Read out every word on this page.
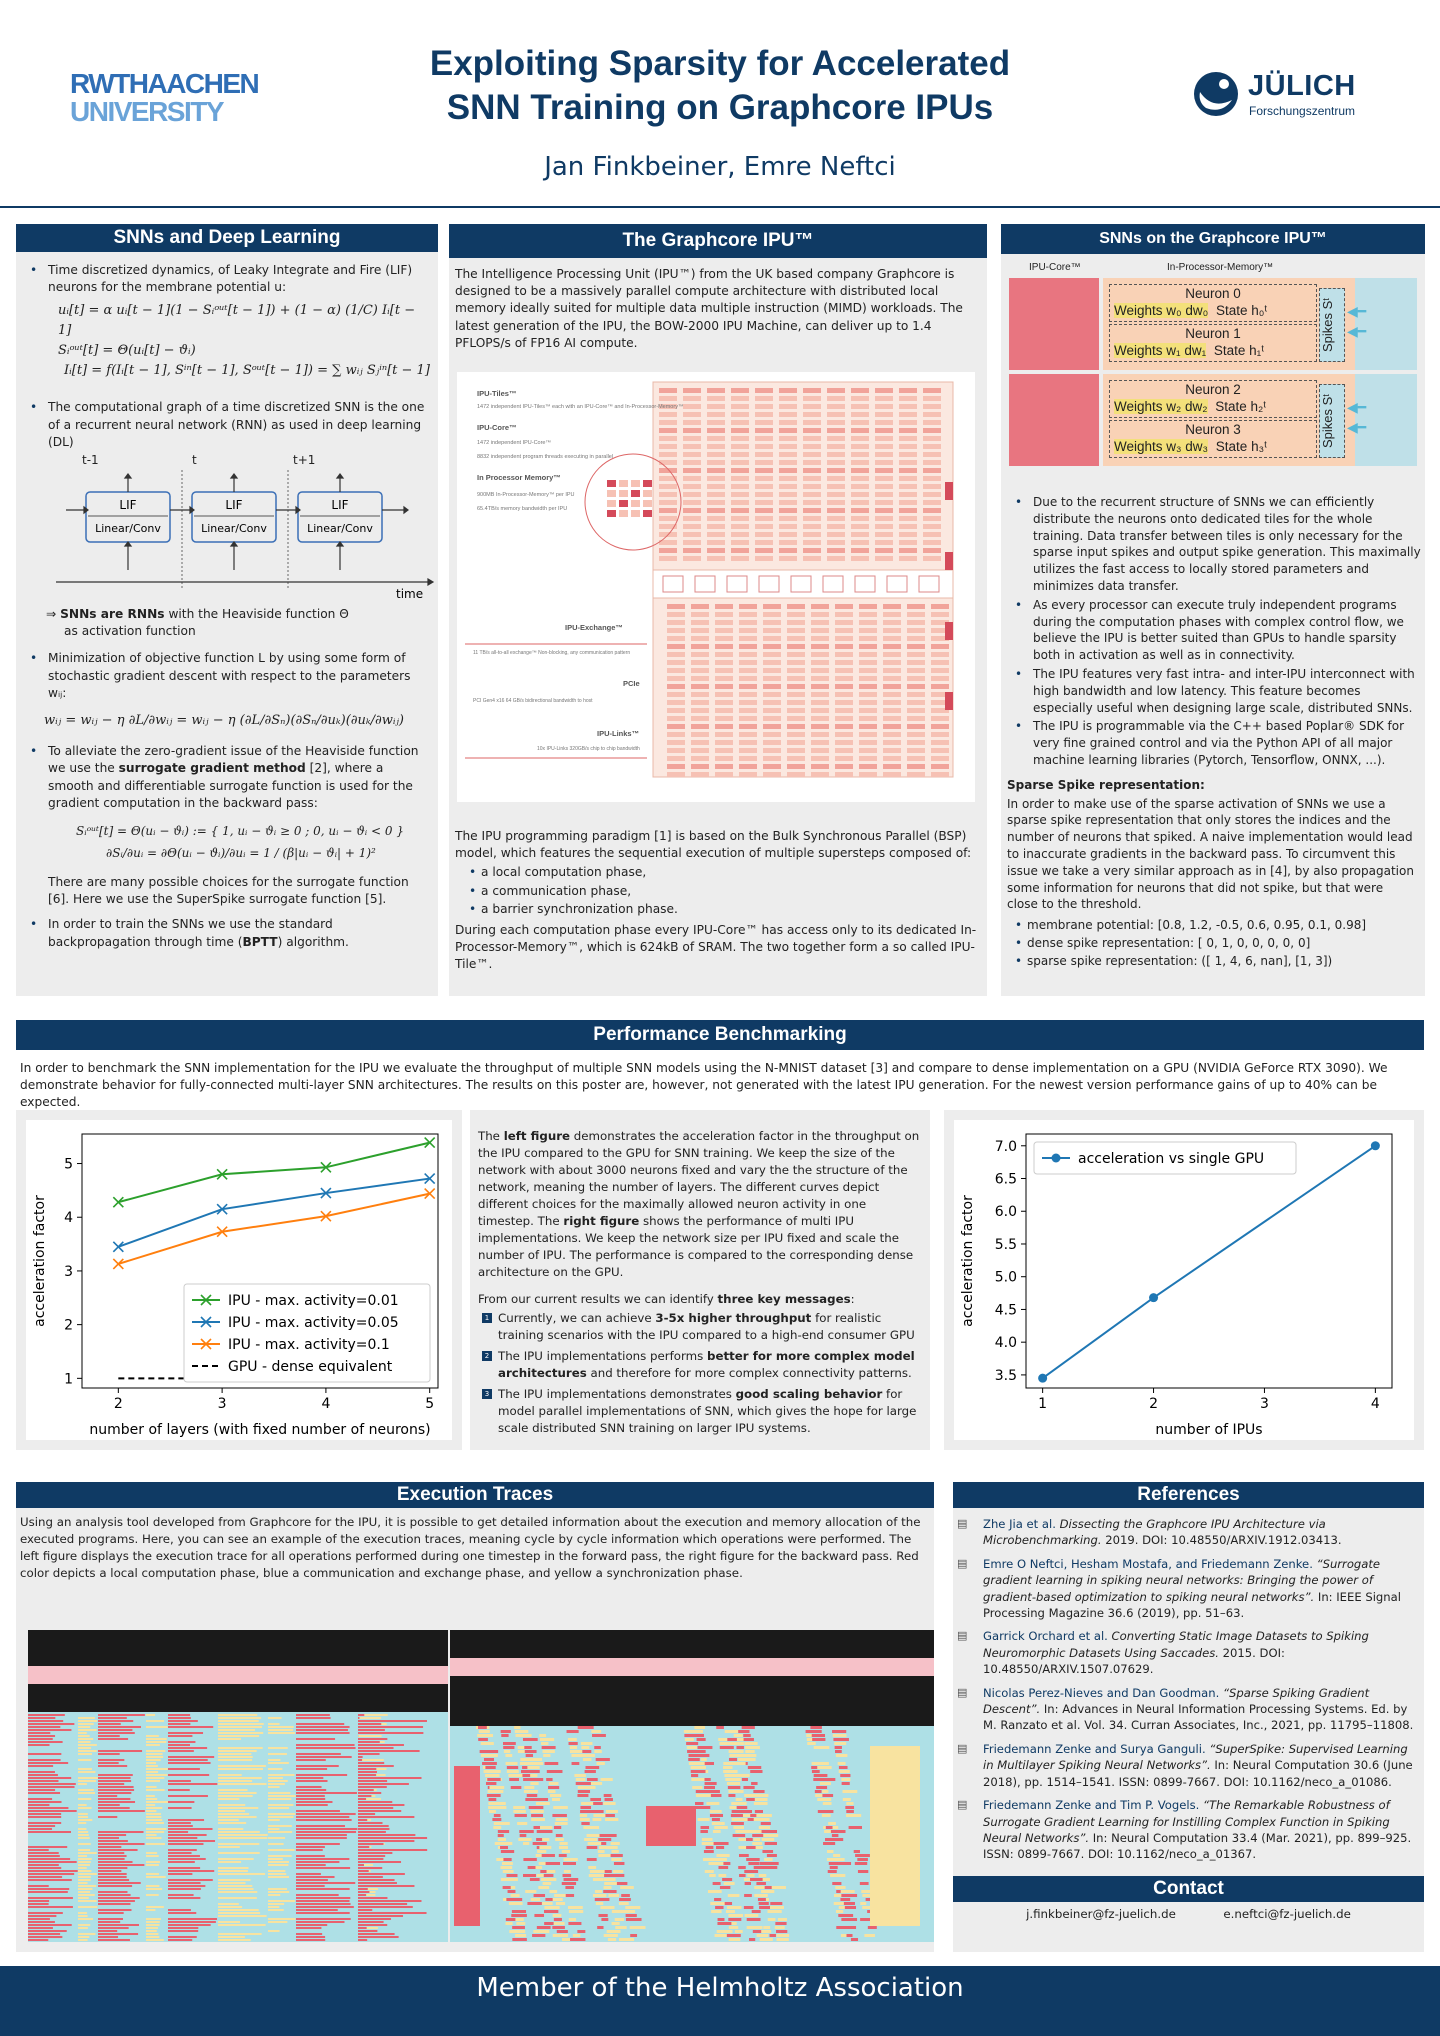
RWTHAACHEN
UNIVERSITY
Exploiting Sparsity for Accelerated
SNN Training on Graphcore IPUs
Jan Finkbeiner, Emre Neftci
JÜLICH
Forschungszentrum
SNNs and Deep Learning
• Time discretized dynamics, of Leaky Integrate and Fire (LIF) neurons for the membrane potential u:
uᵢ[t] = α uᵢ[t − 1](1 − Sᵢᵒᵘᵗ[t − 1]) + (1 − α) (1/C) Iᵢ[t − 1]
Sᵢᵒᵘᵗ[t] = Θ(uᵢ[t] − ϑᵢ)
Iᵢ[t] = f(Iᵢ[t − 1], Sⁱⁿ[t − 1], Sᵒᵘᵗ[t − 1]) = ∑ wᵢⱼ Sⱼⁱⁿ[t − 1]
• The computational graph of a time discretized SNN is the one of a recurrent neural network (RNN) as used in deep learning (DL)
t-1	t	t+1
LIF
Linear/Conv
LIF
Linear/Conv
LIF
Linear/Conv
time
⇒ SNNs are RNNs with the Heaviside function Θ
as activation function
• Minimization of objective function L by using some form of stochastic gradient descent with respect to the parameters wᵢⱼ:
wᵢⱼ = wᵢⱼ − η ∂L/∂wᵢⱼ = wᵢⱼ − η (∂L/∂Sₙ)(∂Sₙ/∂uₖ)(∂uₖ/∂wᵢⱼ)
• To alleviate the zero-gradient issue of the Heaviside function we use the surrogate gradient method [2], where a smooth and differentiable surrogate function is used for the gradient computation in the backward pass:
Sᵢᵒᵘᵗ[t] = Θ(uᵢ − ϑᵢ) := { 1, uᵢ − ϑᵢ ≥ 0 ; 0, uᵢ − ϑᵢ < 0 }
∂Sᵢ/∂uᵢ = ∂Θ(uᵢ − ϑᵢ)/∂uᵢ = 1 / (β|uᵢ − ϑᵢ| + 1)²
There are many possible choices for the surrogate function [6]. Here we use the SuperSpike surrogate function [5].
• In order to train the SNNs we use the standard backpropagation through time (BPTT) algorithm.
The Graphcore IPU™
The Intelligence Processing Unit (IPU™) from the UK based company Graphcore is designed to be a massively parallel compute architecture with distributed local memory ideally suited for multiple data multiple instruction (MIMD) workloads. The latest generation of the IPU, the BOW-2000 IPU Machine, can deliver up to 1.4 PFLOPS/s of FP16 AI compute.
IPU-Tiles™
1472 independent IPU-Tiles™ each with an IPU-Core™ and In-Processor-Memory™
IPU-Core™
1472 independent IPU-Core™
8832 independent program threads executing in parallel
In Processor Memory™
900MB In-Processor-Memory™ per IPU
65.4TB/s memory bandwidth per IPU
IPU-Exchange™
11 TB/s all-to-all exchange™ Non-blocking, any communication pattern
PCIe
PCI Gen4 x16 64 GB/s bidirectional bandwidth to host
IPU-Links™
10x IPU-Links 320GB/s chip to chip bandwidth
The IPU programming paradigm [1] is based on the Bulk Synchronous Parallel (BSP) model, which features the sequential execution of multiple supersteps composed of:
• a local computation phase,
• a communication phase,
• a barrier synchronization phase.
During each computation phase every IPU-Core™ has access only to its dedicated In-Processor-Memory™, which is 624kB of SRAM. The two together form a so called IPU-Tile™.
SNNs on the Graphcore IPU™
IPU-Core™	In-Processor-Memory™
Neuron 0
Weights w₀ dw₀ State h₀ᵗ
Neuron 1
Weights w₁ dw₁ State h₁ᵗ	Spikes Sᵗ ◀━
◀━
Neuron 2
Weights w₂ dw₂ State h₂ᵗ
Neuron 3
Weights w₃ dw₃ State h₃ᵗ	Spikes Sᵗ ◀━
◀━
• Due to the recurrent structure of SNNs we can efficiently distribute the neurons onto dedicated tiles for the whole training. Data transfer between tiles is only necessary for the sparse input spikes and output spike generation. This maximally utilizes the fast access to locally stored parameters and minimizes data transfer.
• As every processor can execute truly independent programs during the computation phases with complex control flow, we believe the IPU is better suited than GPUs to handle sparsity both in activation as well as in connectivity.
• The IPU features very fast intra- and inter-IPU interconnect with high bandwidth and low latency. This feature becomes especially useful when designing large scale, distributed SNNs.
• The IPU is programmable via the C++ based Poplar® SDK for very fine grained control and via the Python API of all major machine learning libraries (Pytorch, Tensorflow, ONNX, ...).
Sparse Spike representation:
In order to make use of the sparse activation of SNNs we use a sparse spike representation that only stores the indices and the number of neurons that spiked. A naive implementation would lead to inaccurate gradients in the backward pass. To circumvent this issue we take a very similar approach as in [4], by also propagation some information for neurons that did not spike, but that were close to the threshold.
• membrane potential: [0.8, 1.2, -0.5, 0.6, 0.95, 0.1, 0.98]
• dense spike representation: [ 0, 1, 0, 0, 0, 0, 0]
• sparse spike representation: ([ 1, 4, 6, nan], [1, 3])
Performance Benchmarking
In order to benchmark the SNN implementation for the IPU we evaluate the throughput of multiple SNN models using the N-MNIST dataset [3] and compare to dense implementation on a GPU (NVIDIA GeForce RTX 3090). We demonstrate behavior for fully-connected multi-layer SNN architectures. The results on this poster are, however, not generated with the latest IPU generation. For the newest version performance gains of up to 40% can be expected.
2	3	4	5
1
2
3
4
5
number of layers (with fixed number of neurons)
acceleration factor	IPU - max. activity=0.01
IPU - max. activity=0.05
IPU - max. activity=0.1
GPU - dense equivalent
The left figure demonstrates the acceleration factor in the throughput on the IPU compared to the GPU for SNN training. We keep the size of the network with about 3000 neurons fixed and vary the the structure of the network, meaning the number of layers. The different curves depict different choices for the maximally allowed neuron activity in one timestep. The right figure shows the performance of multi IPU implementations. We keep the network size per IPU fixed and scale the number of IPU. The performance is compared to the corresponding dense architecture on the GPU.
From our current results we can identify three key messages:
1 Currently, we can achieve 3-5x higher throughput for realistic training scenarios with the IPU compared to a high-end consumer GPU
2 The IPU implementations performs better for more complex model architectures and therefore for more complex connectivity patterns.
3 The IPU implementations demonstrates good scaling behavior for model parallel implementations of SNN, which gives the hope for large scale distributed SNN training on larger IPU systems.
1	2	3	4
3.5
4.0
4.5
5.0
5.5
6.0
6.5
7.0
number of IPUs
acceleration factor
acceleration vs single GPU
Execution Traces
Using an analysis tool developed from Graphcore for the IPU, it is possible to get detailed information about the execution and memory allocation of the executed programs. Here, you can see an example of the execution traces, meaning cycle by cycle information which operations were performed. The left figure displays the execution trace for all operations performed during one timestep in the forward pass, the right figure for the backward pass. Red color depicts a local computation phase, blue a communication and exchange phase, and yellow a synchronization phase.
References
▤ Zhe Jia et al. Dissecting the Graphcore IPU Architecture via Microbenchmarking. 2019. DOI: 10.48550/ARXIV.1912.03413.
▤ Emre O Neftci, Hesham Mostafa, and Friedemann Zenke. “Surrogate gradient learning in spiking neural networks: Bringing the power of gradient-based optimization to spiking neural networks”. In: IEEE Signal Processing Magazine 36.6 (2019), pp. 51–63.
▤ Garrick Orchard et al. Converting Static Image Datasets to Spiking Neuromorphic Datasets Using Saccades. 2015. DOI: 10.48550/ARXIV.1507.07629.
▤ Nicolas Perez-Nieves and Dan Goodman. “Sparse Spiking Gradient Descent”. In: Advances in Neural Information Processing Systems. Ed. by M. Ranzato et al. Vol. 34. Curran Associates, Inc., 2021, pp. 11795–11808.
▤ Friedemann Zenke and Surya Ganguli. “SuperSpike: Supervised Learning in Multilayer Spiking Neural Networks”. In: Neural Computation 30.6 (June 2018), pp. 1514–1541. ISSN: 0899-7667. DOI: 10.1162/neco_a_01086.
▤ Friedemann Zenke and Tim P. Vogels. “The Remarkable Robustness of Surrogate Gradient Learning for Instilling Complex Function in Spiking Neural Networks”. In: Neural Computation 33.4 (Mar. 2021), pp. 899–925. ISSN: 0899-7667. DOI: 10.1162/neco_a_01367.
Contact
j.finkbeiner@fz-juelich.de	e.neftci@fz-juelich.de
Member of the Helmholtz Association
